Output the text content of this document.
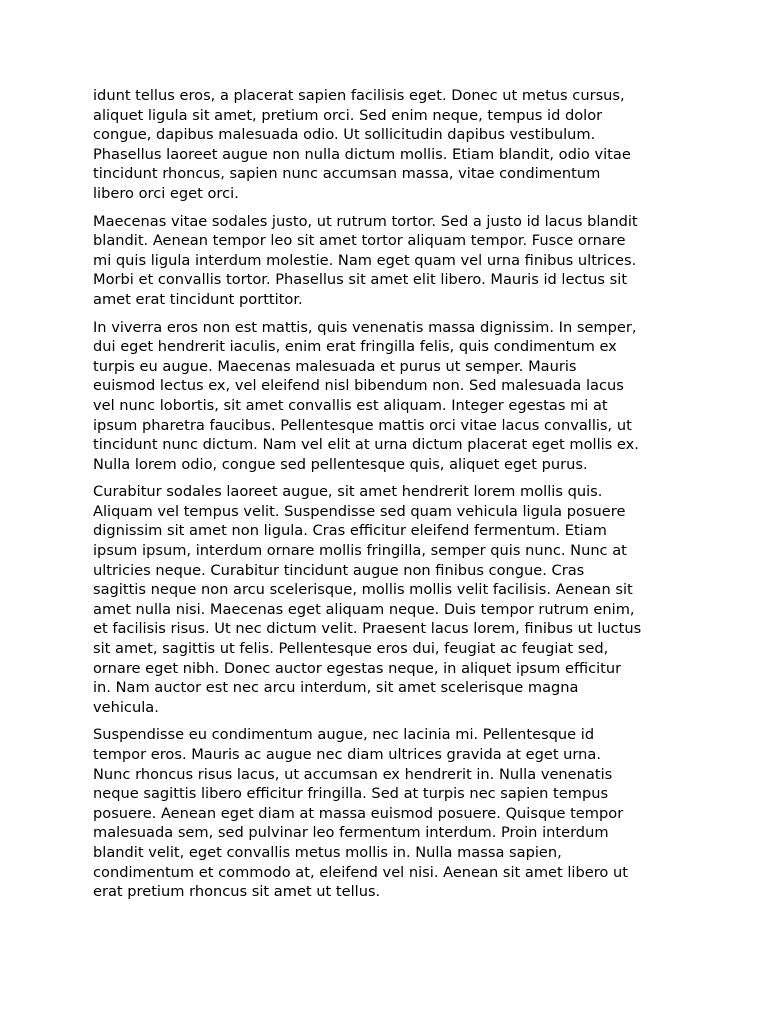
idunt tellus eros, a placerat sapien facilisis eget. Donec ut metus cursus,
aliquet ligula sit amet, pretium orci. Sed enim neque, tempus id dolor
congue, dapibus malesuada odio. Ut sollicitudin dapibus vestibulum.
Phasellus laoreet augue non nulla dictum mollis. Etiam blandit, odio vitae
tincidunt rhoncus, sapien nunc accumsan massa, vitae condimentum
libero orci eget orci.

Maecenas vitae sodales justo, ut rutrum tortor. Sed a justo id lacus blandit
blandit. Aenean tempor leo sit amet tortor aliquam tempor. Fusce ornare
mi quis ligula interdum molestie. Nam eget quam vel urna finibus ultrices.
Morbi et convallis tortor. Phasellus sit amet elit libero. Mauris id lectus sit
amet erat tincidunt porttitor.

In viverra eros non est mattis, quis venenatis massa dignissim. In semper,
dui eget hendrerit iaculis, enim erat fringilla felis, quis condimentum ex
turpis eu augue. Maecenas malesuada et purus ut semper. Mauris
euismod lectus ex, vel eleifend nisl bibendum non. Sed malesuada lacus
vel nunc lobortis, sit amet convallis est aliquam. Integer egestas mi at
ipsum pharetra faucibus. Pellentesque mattis orci vitae lacus convallis, ut
tincidunt nunc dictum. Nam vel elit at urna dictum placerat eget mollis ex.
Nulla lorem odio, congue sed pellentesque quis, aliquet eget purus.

Curabitur sodales laoreet augue, sit amet hendrerit lorem mollis quis.
Aliquam vel tempus velit. Suspendisse sed quam vehicula ligula posuere
dignissim sit amet non ligula. Cras efficitur eleifend fermentum. Etiam
ipsum ipsum, interdum ornare mollis fringilla, semper quis nunc. Nunc at
ultricies neque. Curabitur tincidunt augue non finibus congue. Cras
sagittis neque non arcu scelerisque, mollis mollis velit facilisis. Aenean sit
amet nulla nisi. Maecenas eget aliquam neque. Duis tempor rutrum enim,
et facilisis risus. Ut nec dictum velit. Praesent lacus lorem, finibus ut luctus
sit amet, sagittis ut felis. Pellentesque eros dui, feugiat ac feugiat sed,
ornare eget nibh. Donec auctor egestas neque, in aliquet ipsum efficitur
in. Nam auctor est nec arcu interdum, sit amet scelerisque magna
vehicula.

Suspendisse eu condimentum augue, nec lacinia mi. Pellentesque id
tempor eros. Mauris ac augue nec diam ultrices gravida at eget urna.
Nunc rhoncus risus lacus, ut accumsan ex hendrerit in. Nulla venenatis
neque sagittis libero efficitur fringilla. Sed at turpis nec sapien tempus
posuere. Aenean eget diam at massa euismod posuere. Quisque tempor
malesuada sem, sed pulvinar leo fermentum interdum. Proin interdum
blandit velit, eget convallis metus mollis in. Nulla massa sapien,
condimentum et commodo at, eleifend vel nisi. Aenean sit amet libero ut
erat pretium rhoncus sit amet ut tellus.
